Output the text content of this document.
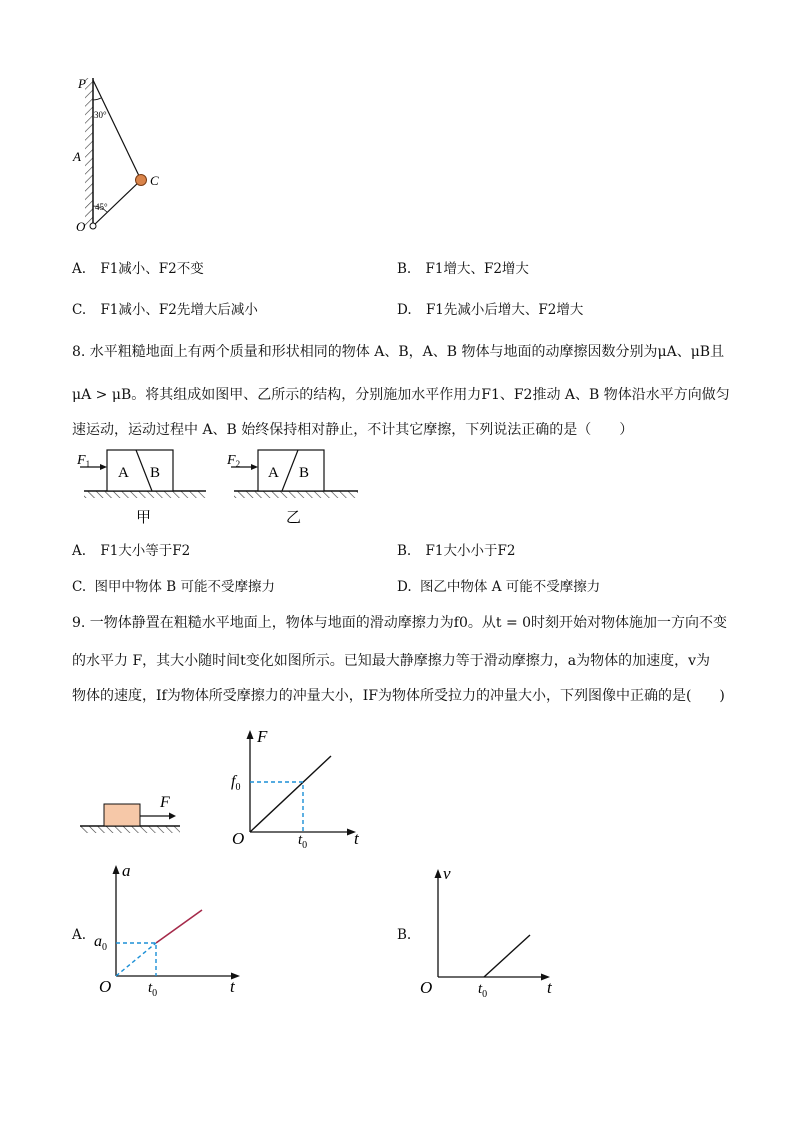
P
A
O
C
30°
45°
A. F1减小、F2不变	B. F1增大、F2增大
C. F1减小、F2先增大后减小	D. F1先减小后增大、F2增大
8. 水平粗糙地面上有两个质量和形状相同的物体 A、B，A、B 物体与地面的动摩擦因数分别为μA、μB且
μA > μB。将其组成如图甲、乙所示的结构，分别施加水平作用力F1、F2推动 A、B 物体沿水平方向做匀
速运动，运动过程中 A、B 始终保持相对静止，不计其它摩擦，下列说法正确的是（　　）
$F_1$
A B
甲
$F_2$
A B
乙
A. F1大小等于F2	B. F1大小小于F2
C. 图甲中物体 B 可能不受摩擦力	D. 图乙中物体 A 可能不受摩擦力
9. 一物体静置在粗糙水平地面上，物体与地面的滑动摩擦力为f0。从t = 0时刻开始对物体施加一方向不变
的水平力 F，其大小随时间t变化如图所示。已知最大静摩擦力等于滑动摩擦力，a为物体的加速度，v为
物体的速度，If为物体所受摩擦力的冲量大小，IF为物体所受拉力的冲量大小，下列图像中正确的是(　　)
F
F
t
O
$f_0$
$t_0$
A.
a
t
O
$a_0$
$t_0$
B.
v
t
O	$t_0$
